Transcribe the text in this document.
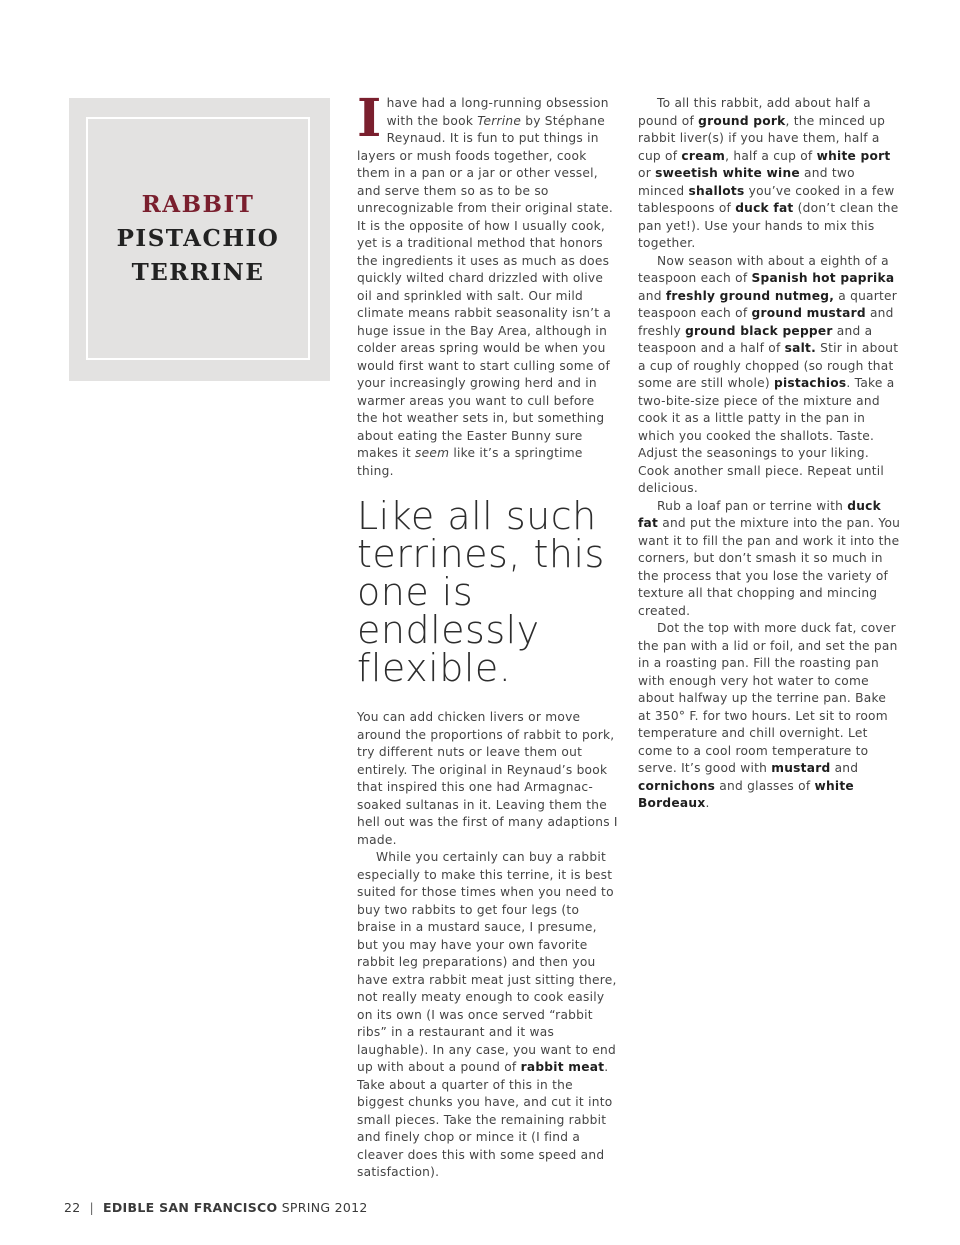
RABBIT
PISTACHIO
TERRINE

Ihave had a long-running obsession with the book Terrine by Stéphane Reynaud. It is fun to put things in layers or mush foods together, cook them in a pan or a jar or other vessel, and serve them so as to be so unrecognizable from their original state. It is the opposite of how I usually cook, yet is a traditional method that honors the ingredients it uses as much as does quickly wilted chard drizzled with olive oil and sprinkled with salt. Our mild climate means rabbit seasonality isn’t a huge issue in the Bay Area, although in colder areas spring would be when you would first want to start culling some of your increasingly growing herd and in warmer areas you want to cull before the hot weather sets in, but something about eating the Easter Bunny sure makes it seem like it’s a springtime thing.

Like all such terrines, this one is endlessly flexible.

You can add chicken livers or move around the proportions of rabbit to pork, try different nuts or leave them out entirely. The original in Reynaud’s book that inspired this one had Armagnac-soaked sultanas in it. Leaving them the hell out was the first of many adaptions I made.

While you certainly can buy a rabbit especially to make this terrine, it is best suited for those times when you need to buy two rabbits to get four legs (to braise in a mustard sauce, I presume, but you may have your own favorite rabbit leg preparations) and then you have extra rabbit meat just sitting there, not really meaty enough to cook easily on its own (I was once served “rabbit ribs” in a restaurant and it was laughable). In any case, you want to end up with about a pound of rabbit meat. Take about a quarter of this in the biggest chunks you have, and cut it into small pieces. Take the remaining rabbit and finely chop or mince it (I find a cleaver does this with some speed and satisfaction).

To all this rabbit, add about half a pound of ground pork, the minced up rabbit liver(s) if you have them, half a cup of cream, half a cup of white port or sweetish white wine and two minced shallots you’ve cooked in a few tablespoons of duck fat (don’t clean the pan yet!). Use your hands to mix this together.

Now season with about a eighth of a teaspoon each of Spanish hot paprika and freshly ground nutmeg, a quarter teaspoon each of ground mustard and freshly ground black pepper and a teaspoon and a half of salt. Stir in about a cup of roughly chopped (so rough that some are still whole) pistachios. Take a two-bite-size piece of the mixture and cook it as a little patty in the pan in which you cooked the shallots. Taste. Adjust the seasonings to your liking. Cook another small piece. Repeat until delicious.

Rub a loaf pan or terrine with duck fat and put the mixture into the pan. You want it to fill the pan and work it into the corners, but don’t smash it so much in the process that you lose the variety of texture all that chopping and mincing created.

Dot the top with more duck fat, cover the pan with a lid or foil, and set the pan in a roasting pan. Fill the roasting pan with enough very hot water to come about halfway up the terrine pan. Bake at 350° F. for two hours. Let sit to room temperature and chill overnight. Let come to a cool room temperature to serve. It’s good with mustard and cornichons and glasses of white Bordeaux.

22 | EDIBLE SAN FRANCISCO SPRING 2012
